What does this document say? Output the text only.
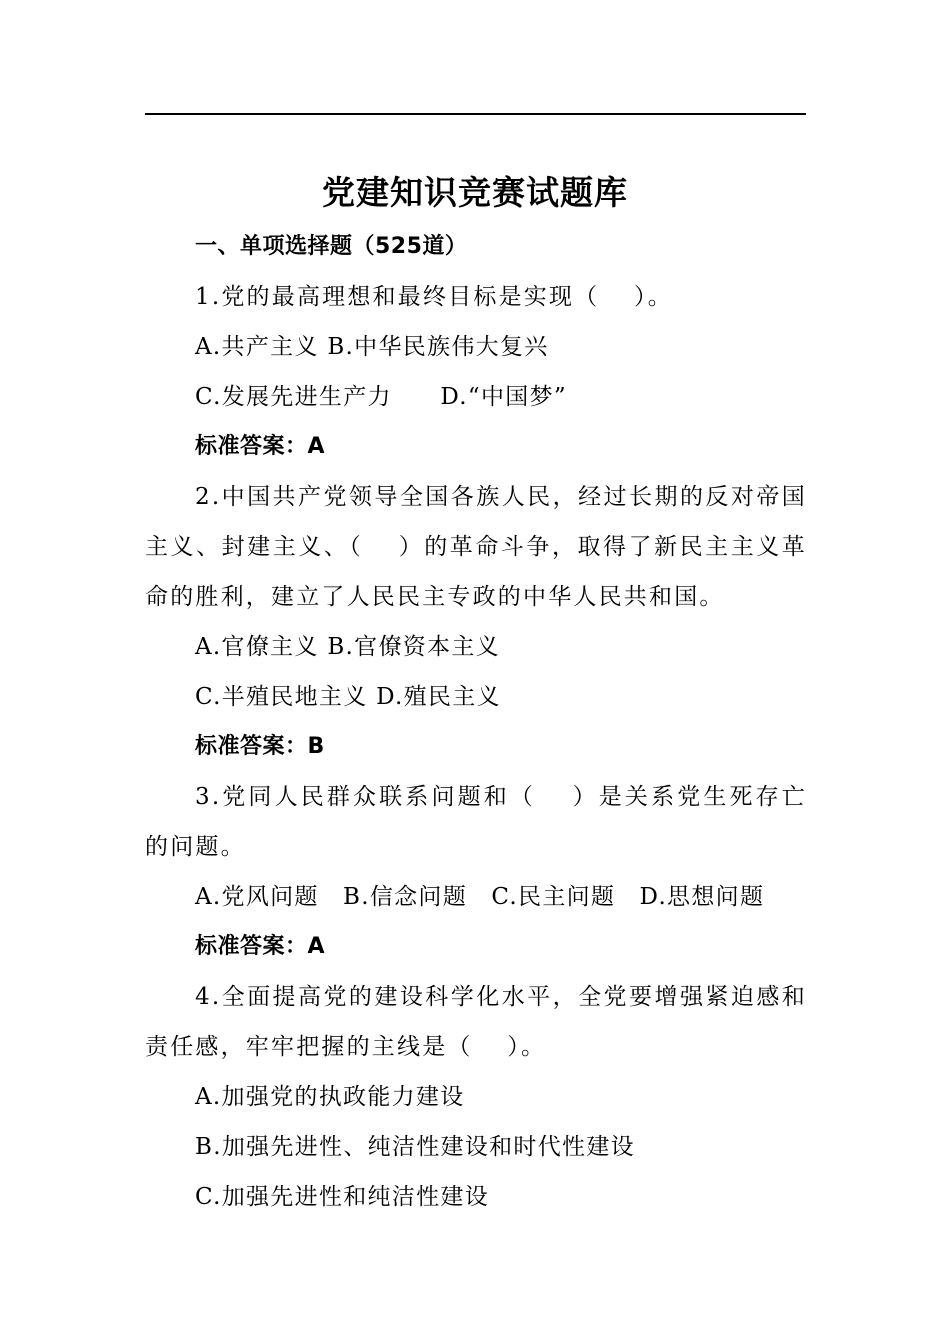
党建知识竞赛试题库

一、单项选择题（525道）

1.党的最高理想和最终目标是实现（　 ）。

A.共产主义 B.中华民族伟大复兴

C.发展先进生产力　　D.“中国梦”

标准答案：A

2.中国共产党领导全国各族人民，经过长期的反对帝国主义、封建主义、（　 ）的革命斗争，取得了新民主主义革命的胜利，建立了人民民主专政的中华人民共和国。

A.官僚主义 B.官僚资本主义

C.半殖民地主义 D.殖民主义

标准答案：B

3.党同人民群众联系问题和（　 ）是关系党生死存亡的问题。

A.党风问题　B.信念问题　C.民主问题　D.思想问题

标准答案：A

4.全面提高党的建设科学化水平，全党要增强紧迫感和责任感，牢牢把握的主线是（　 ）。

A.加强党的执政能力建设

B.加强先进性、纯洁性建设和时代性建设

C.加强先进性和纯洁性建设
